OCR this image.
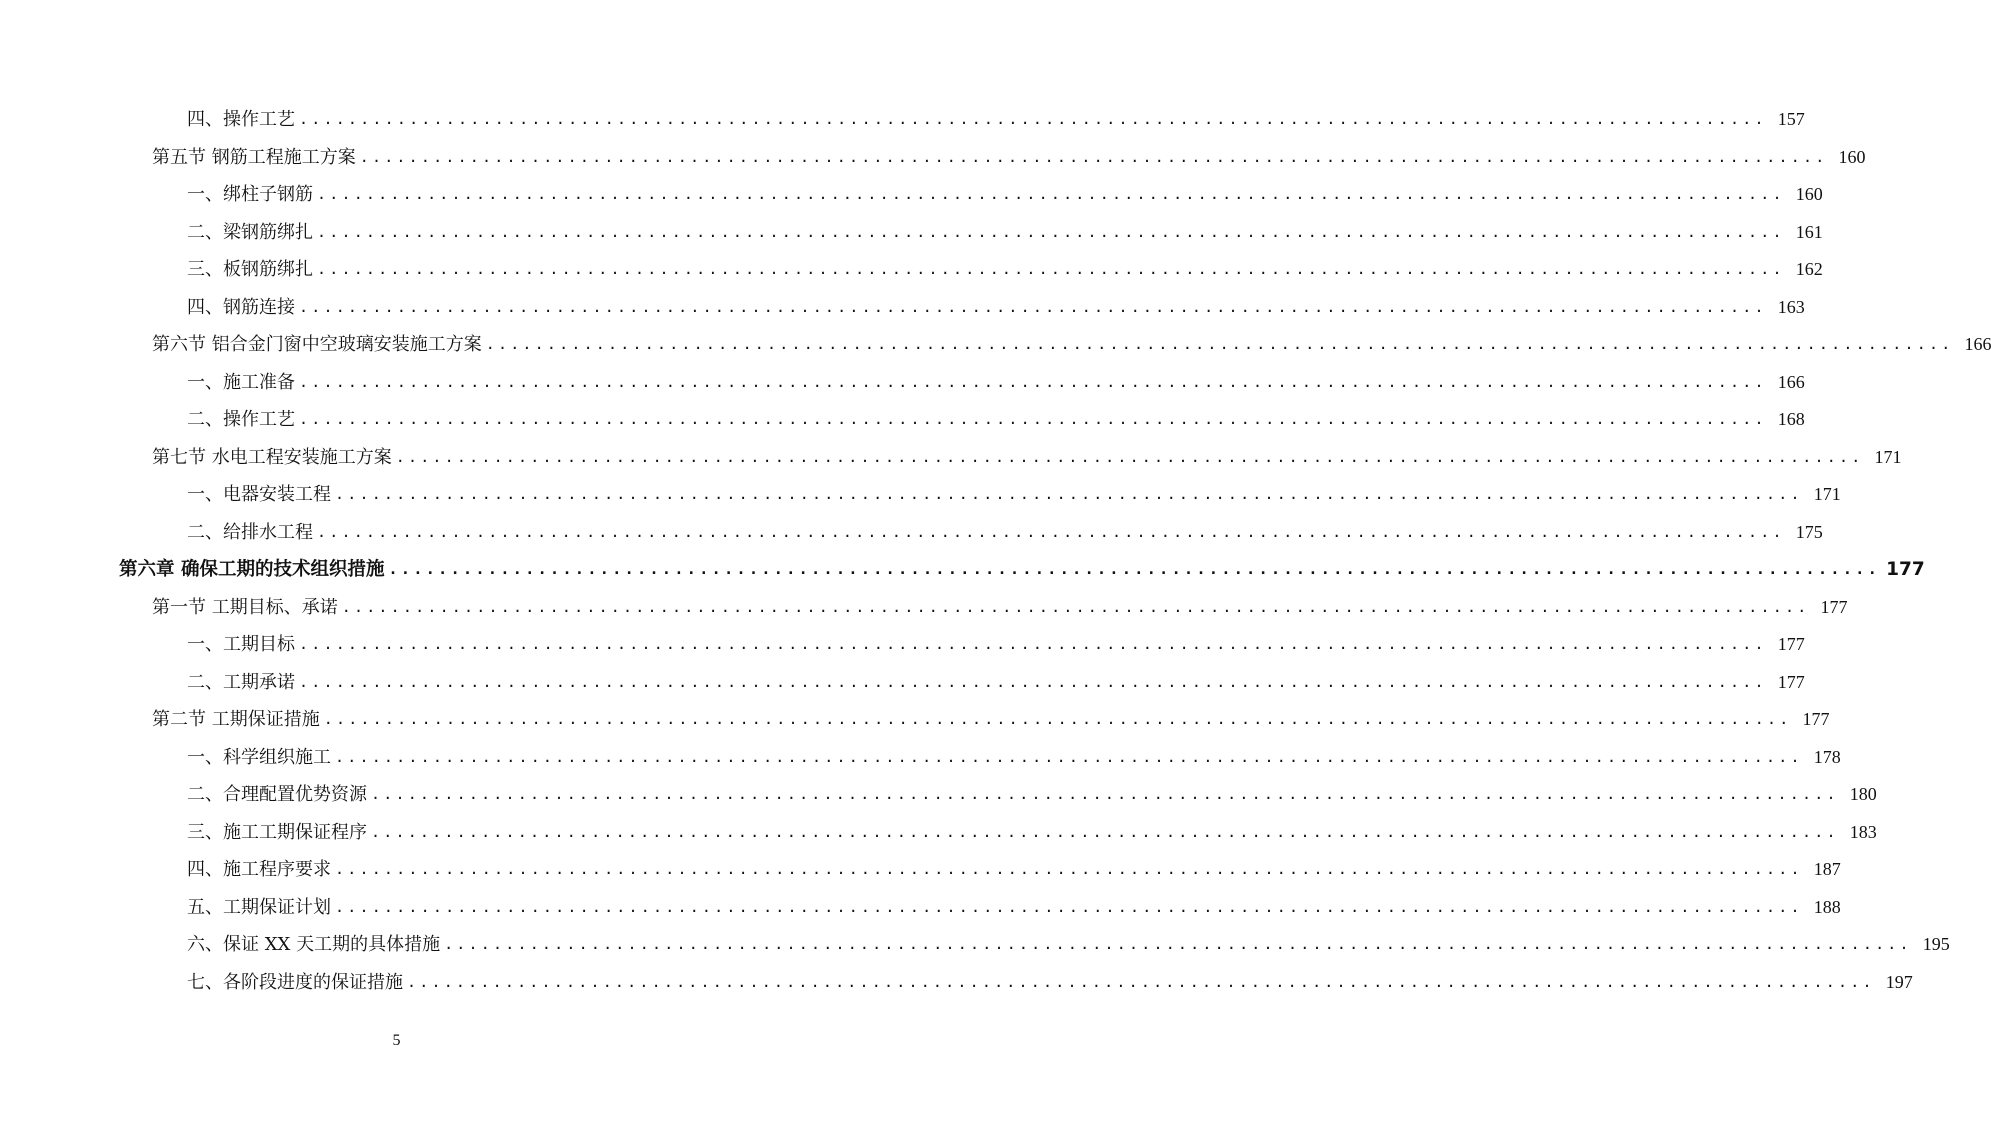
四、操作工艺 ........................................................................................................................ 157
第五节 钢筋工程施工方案 ........................................................................................................................ 160
一、绑柱子钢筋 ........................................................................................................................ 160
二、梁钢筋绑扎 ........................................................................................................................ 161
三、板钢筋绑扎 ........................................................................................................................ 162
四、钢筋连接 ........................................................................................................................ 163
第六节 铝合金门窗中空玻璃安装施工方案 ........................................................................................................................ 166
一、施工准备 ........................................................................................................................ 166
二、操作工艺 ........................................................................................................................ 168
第七节 水电工程安装施工方案 ........................................................................................................................ 171
一、电器安装工程 ........................................................................................................................ 171
二、给排水工程 ........................................................................................................................ 175
第六章 确保工期的技术组织措施 ........................................................................................................................ 177
第一节 工期目标、承诺 ........................................................................................................................ 177
一、工期目标 ........................................................................................................................ 177
二、工期承诺 ........................................................................................................................ 177
第二节 工期保证措施 ........................................................................................................................ 177
一、科学组织施工 ........................................................................................................................ 178
二、合理配置优势资源 ........................................................................................................................ 180
三、施工工期保证程序 ........................................................................................................................ 183
四、施工程序要求 ........................................................................................................................ 187
五、工期保证计划 ........................................................................................................................ 188
六、保证 XX 天工期的具体措施 ........................................................................................................................ 195
七、各阶段进度的保证措施 ........................................................................................................................ 197
5
